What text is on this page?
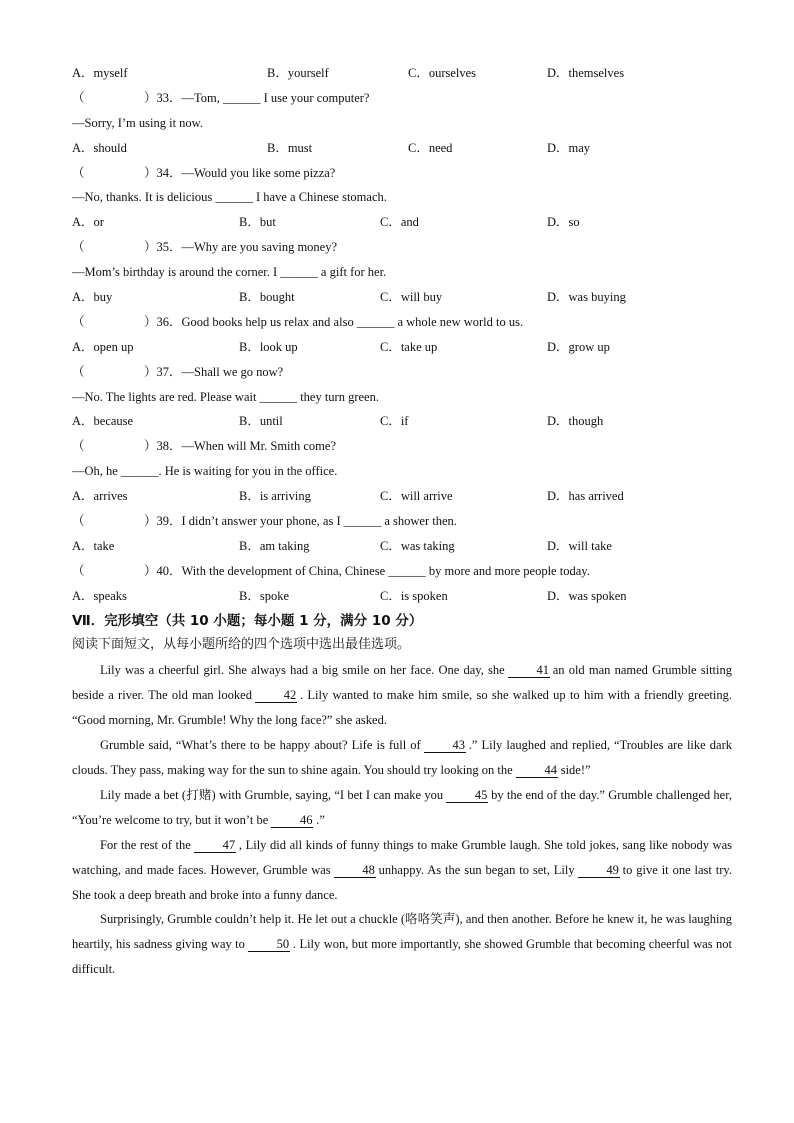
A．myself	B．yourself	C．ourselves	D．themselves
（	）33．—Tom, ______ I use your computer?
—Sorry, I’m using it now.
A．should	B．must	C．need	D．may
（	）34．—Would you like some pizza?
—No, thanks. It is delicious ______ I have a Chinese stomach.
A．or	B．but	C．and	D．so
（	）35．—Why are you saving money?
—Mom’s birthday is around the corner. I ______ a gift for her.
A．buy	B．bought	C．will buy	D．was buying
（	）36．Good books help us relax and also ______ a whole new world to us.
A．open up	B．look up	C．take up	D．grow up
（	）37．—Shall we go now?
—No. The lights are red. Please wait ______ they turn green.
A．because	B．until	C．if	D．though
（	）38．—When will Mr. Smith come?
—Oh, he ______. He is waiting for you in the office.
A．arrives	B．is arriving	C．will arrive	D．has arrived
（	）39．I didn’t answer your phone, as I ______ a shower then.
A．take	B．am taking	C．was taking	D．will take
（	）40．With the development of China, Chinese ______ by more and more people today.
A．speaks	B．spoke	C．is spoken	D．was spoken
Ⅶ．完形填空（共 10 小题；每小题 1 分，满分 10 分）
阅读下面短文，从每小题所给的四个选项中选出最佳选项。

Lily was a cheerful girl. She always had a big smile on her face. One day, she	41 an old man named Grumble sitting beside a river. The old man looked	42 . Lily wanted to make him smile, so she walked up to him with a friendly greeting. “Good morning, Mr. Grumble! Why the long face?” she asked.

Grumble said, “What’s there to be happy about? Life is full of	43 .” Lily laughed and replied, “Troubles are like dark clouds. They pass, making way for the sun to shine again. You should try looking on the	44 side!”

Lily made a bet (打赌) with Grumble, saying, “I bet I can make you	45 by the end of the day.” Grumble challenged her, “You’re welcome to try, but it won’t be	46 .”

For the rest of the	47 , Lily did all kinds of funny things to make Grumble laugh. She told jokes, sang like nobody was watching, and made faces. However, Grumble was	48 unhappy. As the sun began to set, Lily	49 to give it one last try. She took a deep breath and broke into a funny dance.

Surprisingly, Grumble couldn’t help it. He let out a chuckle (咯咯笑声), and then another. Before he knew it, he was laughing heartily, his sadness giving way to	50 . Lily won, but more importantly, she showed Grumble that becoming cheerful was not difficult.
